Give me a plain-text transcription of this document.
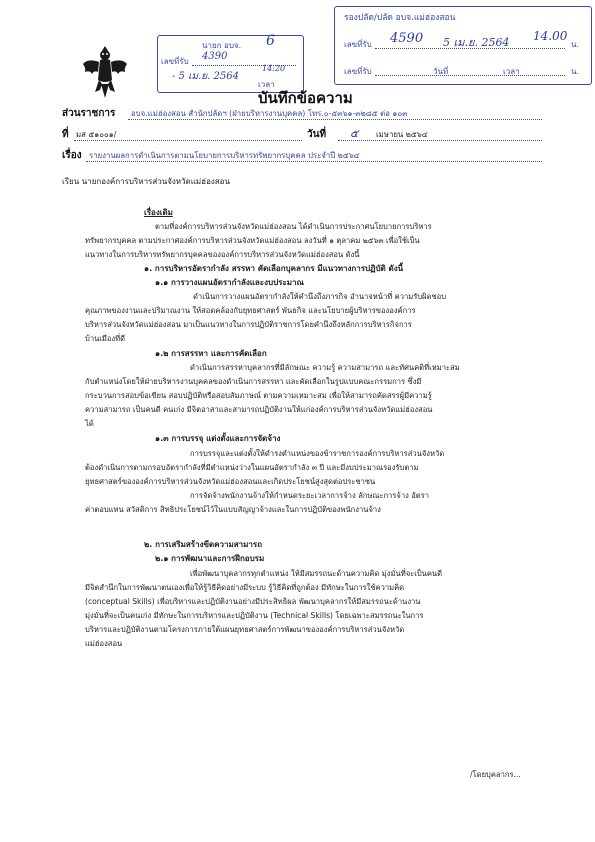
นายก อบจ.
เลขที่รับ 4390
6
- 5 เม.ย. 2564
14:20
เวลา
รองปลัด/ปลัด อบจ.แม่ฮ่องสอน
เลขที่รับ 4590 5 เม.ย. 2564 14.00
น.
เลขที่รับ	วันที่	เวลา	น.
บันทึกข้อความ
ส่วนราชการ อบจ.แม่ฮ่องสอน สำนักปลัดฯ (ฝ่ายบริหารงานบุคคล) โทร.๐-๕๓๖๑-๓๒๘๕ ต่อ ๑๐๓
ที่ มส ๕๑๐๐๑/	วันที่ ๕ เมษายน ๒๕๖๔
เรื่อง รายงานผลการดำเนินการตามนโยบายการบริหารทรัพยากรบุคคล ประจำปี ๒๕๖๔
เรียน นายกองค์การบริหารส่วนจังหวัดแม่ฮ่องสอน
เรื่องเดิม
ตามที่องค์การบริหารส่วนจังหวัดแม่ฮ่องสอน ได้ดำเนินการประกาศนโยบายการบริหาร
ทรัพยากรบุคคล ตามประกาศองค์การบริหารส่วนจังหวัดแม่ฮ่องสอน ลงวันที่ ๑ ตุลาคม ๒๕๖๓ เพื่อใช้เป็น
แนวทางในการบริหารทรัพยากรบุคคลขององค์การบริหารส่วนจังหวัดแม่ฮ่องสอน ดังนี้
๑. การบริหารอัตรากำลัง สรรหา คัดเลือกบุคลากร มีแนวทางการปฏิบัติ ดังนี้
๑.๑ การวางแผนอัตรากำลังและงบประมาณ
ดำเนินการวางแผนอัตรากำลังให้คำนึงถึงภารกิจ อำนาจหน้าที่ ความรับผิดชอบ
คุณภาพของงานและปริมาณงาน ให้สอดคล้องกับยุทธศาสตร์ พันธกิจ และนโยบายผู้บริหารขององค์การ
บริหารส่วนจังหวัดแม่ฮ่องสอน มาเป็นแนวทางในการปฏิบัติราชการโดยคำนึงถึงหลักการบริหารกิจการ
บ้านเมืองที่ดี
๑.๒ การสรรหา และการคัดเลือก
ดำเนินการสรรหาบุคลากรที่มีลักษณะ ความรู้ ความสามารถ และทัศนคติที่เหมาะสม
กับตำแหน่งโดยให้ฝ่ายบริหารงานบุคคลของดำเนินการสรรหา และคัดเลือกในรูปแบบคณะกรรมการ ซึ่งมี
กระบวนการสอบข้อเขียน สอบปฏิบัติหรือสอบสัมภาษณ์ ตามความเหมาะสม เพื่อให้สามารถคัดสรรผู้มีความรู้
ความสามารถ เป็นคนดี คนเก่ง มีจิตอาสาและสามารถปฏิบัติงานให้แก่องค์การบริหารส่วนจังหวัดแม่ฮ่องสอน
ได้
๑.๓ การบรรจุ แต่งตั้งและการจัดจ้าง
การบรรจุและแต่งตั้งให้ดำรงตำแหน่งของข้าราชการองค์การบริหารส่วนจังหวัด
ต้องดำเนินการตามกรอบอัตรากำลังที่มีตำแหน่งว่างในแผนอัตรากำลัง ๓ ปี และมีงบประมาณรองรับตาม
ยุทธศาสตร์ขององค์การบริหารส่วนจังหวัดแม่ฮ่องสอนและเกิดประโยชน์สูงสุดต่อประชาชน
การจัดจ้างพนักงานจ้างให้กำหนดระยะเวลาการจ้าง ลักษณะการจ้าง อัตรา
ค่าตอบแทน สวัสดิการ สิทธิประโยชน์ไว้ในแบบสัญญาจ้างและในการปฏิบัติของพนักงานจ้าง
๒. การเสริมสร้างขีดความสามารถ
๒.๑ การพัฒนาและการฝึกอบรม
เพื่อพัฒนาบุคลากรทุกตำแหน่ง ให้มีสมรรถนะด้านความคิด มุ่งมั่นที่จะเป็นคนดี
มีจิตสำนึกในการพัฒนาตนเองเพื่อให้รู้วิธีคิดอย่างมีระบบ รู้วิธีคิดที่ถูกต้อง มีทักษะในการใช้ความคิด
(conceptual Skills) เพื่อบริหารและปฏิบัติงานอย่างมีประสิทธิผล พัฒนาบุคลากรให้มีสมรรถนะด้านงาน
มุ่งมั่นที่จะเป็นคนเก่ง มีทักษะในการบริหารและปฏิบัติงาน (Technical Skills) โดยเฉพาะสมรรถนะในการ
บริหารและปฏิบัติงานตามโครงการภายใต้แผนยุทธศาสตร์การพัฒนาขององค์การบริหารส่วนจังหวัด
แม่ฮ่องสอน
/โดยบุคลากร...
